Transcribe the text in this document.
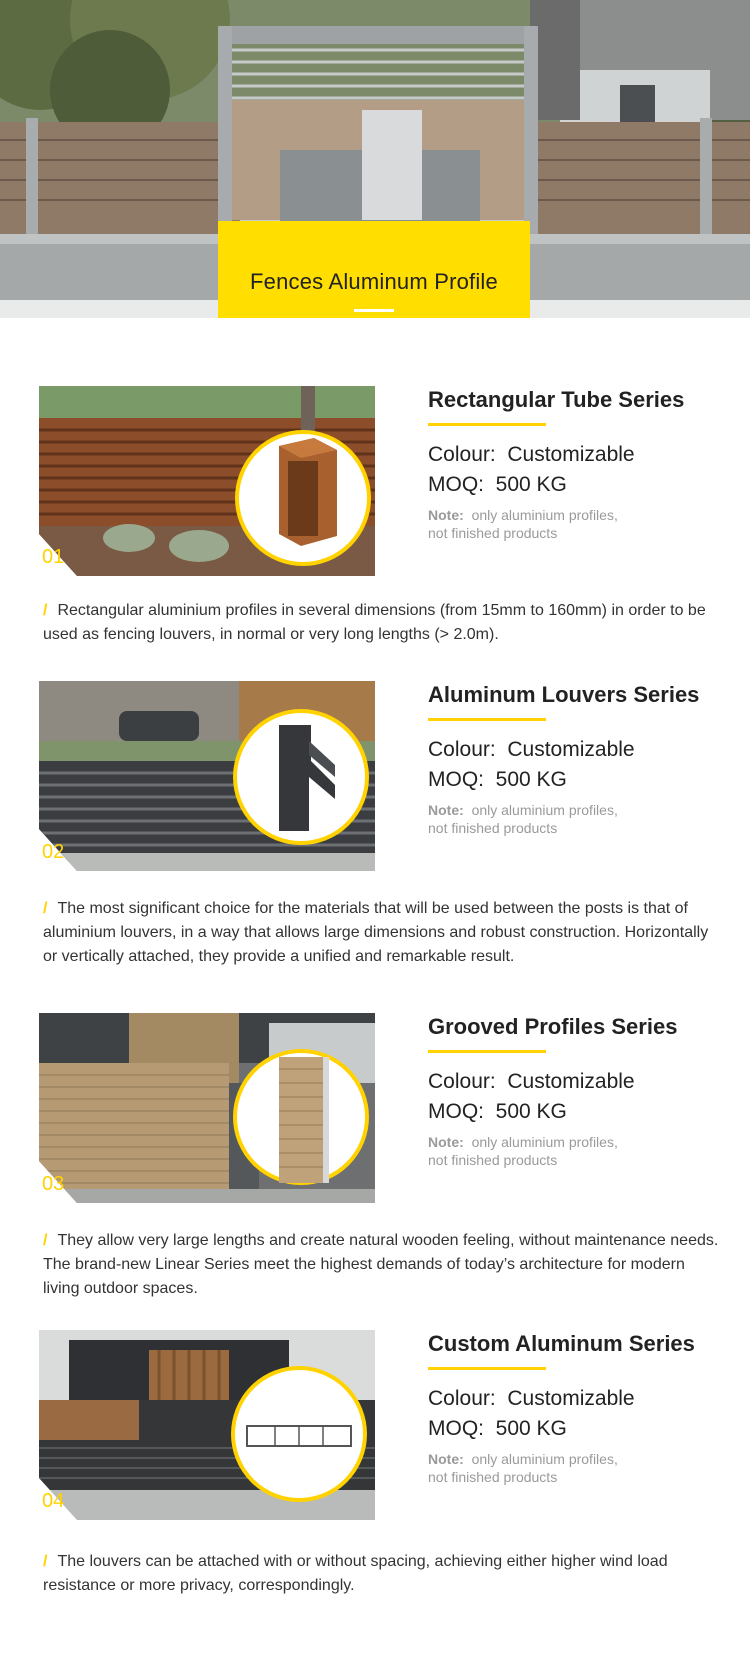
Fences Aluminum Profile
01
Rectangular Tube Series
Colour: Customizable
MOQ: 500 KG
Note: only aluminium profiles,
not finished products
/ Rectangular aluminium profiles in several dimensions (from 15mm to 160mm) in order to be used as fencing louvers, in normal or very long lengths (> 2.0m).
02
Aluminum Louvers Series
Colour: Customizable
MOQ: 500 KG
Note: only aluminium profiles,
not finished products
/ The most significant choice for the materials that will be used between the posts is that of aluminium louvers, in a way that allows large dimensions and robust construction. Horizontally or vertically attached, they provide a unified and remarkable result.
03
Grooved Profiles Series
Colour: Customizable
MOQ: 500 KG
Note: only aluminium profiles,
not finished products
/ They allow very large lengths and create natural wooden feeling, without maintenance needs. The brand-new Linear Series meet the highest demands of today’s architecture for modern living outdoor spaces.
04
Custom Aluminum Series
Colour: Customizable
MOQ: 500 KG
Note: only aluminium profiles,
not finished products
/ The louvers can be attached with or without spacing, achieving either higher wind load resistance or more privacy, correspondingly.
